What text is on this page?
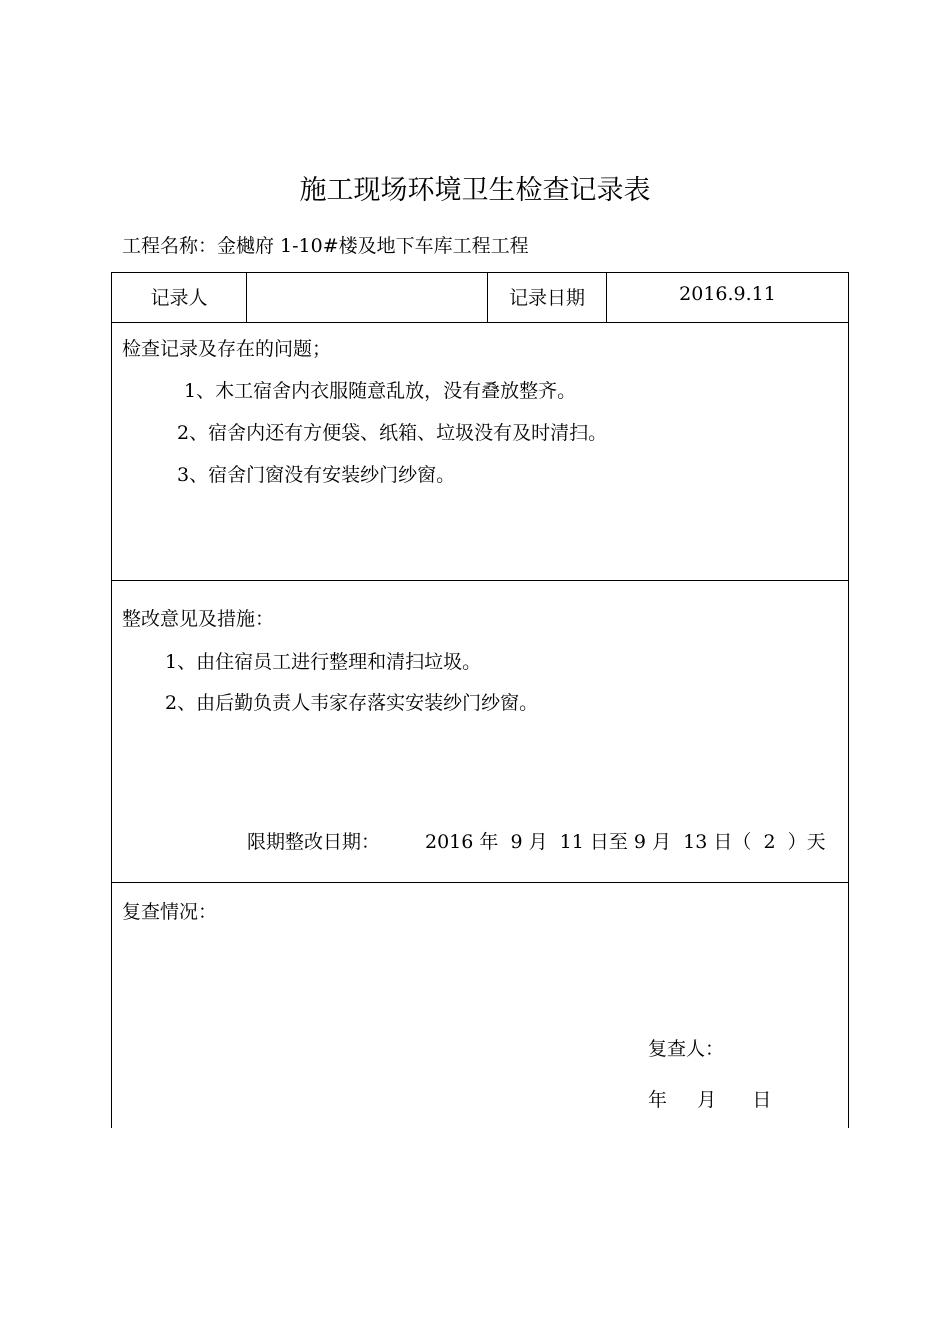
施工现场环境卫生检查记录表
工程名称：金樾府 1-10#楼及地下车库工程工程
记录人	记录日期	2016.9.11
检查记录及存在的问题；
1、木工宿舍内衣服随意乱放，没有叠放整齐。
2、宿舍内还有方便袋、纸箱、垃圾没有及时清扫。
3、宿舍门窗没有安装纱门纱窗。
整改意见及措施：
1、由住宿员工进行整理和清扫垃圾。
2、由后勤负责人韦家存落实安装纱门纱窗。
限期整改日期： 2016 年  9 月  11 日至 9 月  13 日（  2  ）天
复查情况：
复查人：
年     月      日
